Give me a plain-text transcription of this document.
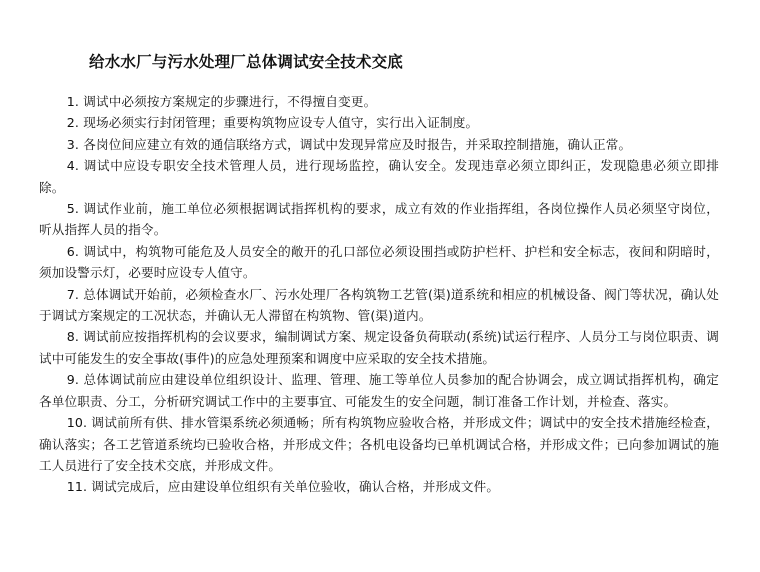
给水水厂与污水处理厂总体调试安全技术交底

1. 调试中必须按方案规定的步骤进行，不得擅自变更。

2. 现场必须实行封闭管理；重要构筑物应设专人值守，实行出入证制度。

3. 各岗位间应建立有效的通信联络方式，调试中发现异常应及时报告，并采取控制措施，确认正常。

4. 调试中应设专职安全技术管理人员，进行现场监控，确认安全。发现违章必须立即纠正，发现隐患必须立即排除。

5. 调试作业前，施工单位必须根据调试指挥机构的要求，成立有效的作业指挥组，各岗位操作人员必须坚守岗位，听从指挥人员的指令。

6. 调试中，构筑物可能危及人员安全的敞开的孔口部位必须设围挡或防护栏杆、护栏和安全标志，夜间和阴暗时，须加设警示灯，必要时应设专人值守。

7. 总体调试开始前，必须检查水厂、污水处理厂各构筑物工艺管(渠)道系统和相应的机械设备、阀门等状况，确认处于调试方案规定的工况状态，并确认无人滞留在构筑物、管(渠)道内。

8. 调试前应按指挥机构的会议要求，编制调试方案、规定设备负荷联动(系统)试运行程序、人员分工与岗位职责、调试中可能发生的安全事故(事件)的应急处理预案和调度中应采取的安全技术措施。

9. 总体调试前应由建设单位组织设计、监理、管理、施工等单位人员参加的配合协调会，成立调试指挥机构，确定各单位职责、分工，分析研究调试工作中的主要事宜、可能发生的安全问题，制订准备工作计划，并检查、落实。

10. 调试前所有供、排水管渠系统必须通畅；所有构筑物应验收合格，并形成文件；调试中的安全技术措施经检查，确认落实；各工艺管道系统均已验收合格，并形成文件；各机电设备均已单机调试合格，并形成文件；已向参加调试的施工人员进行了安全技术交底，并形成文件。

11. 调试完成后，应由建设单位组织有关单位验收，确认合格，并形成文件。
